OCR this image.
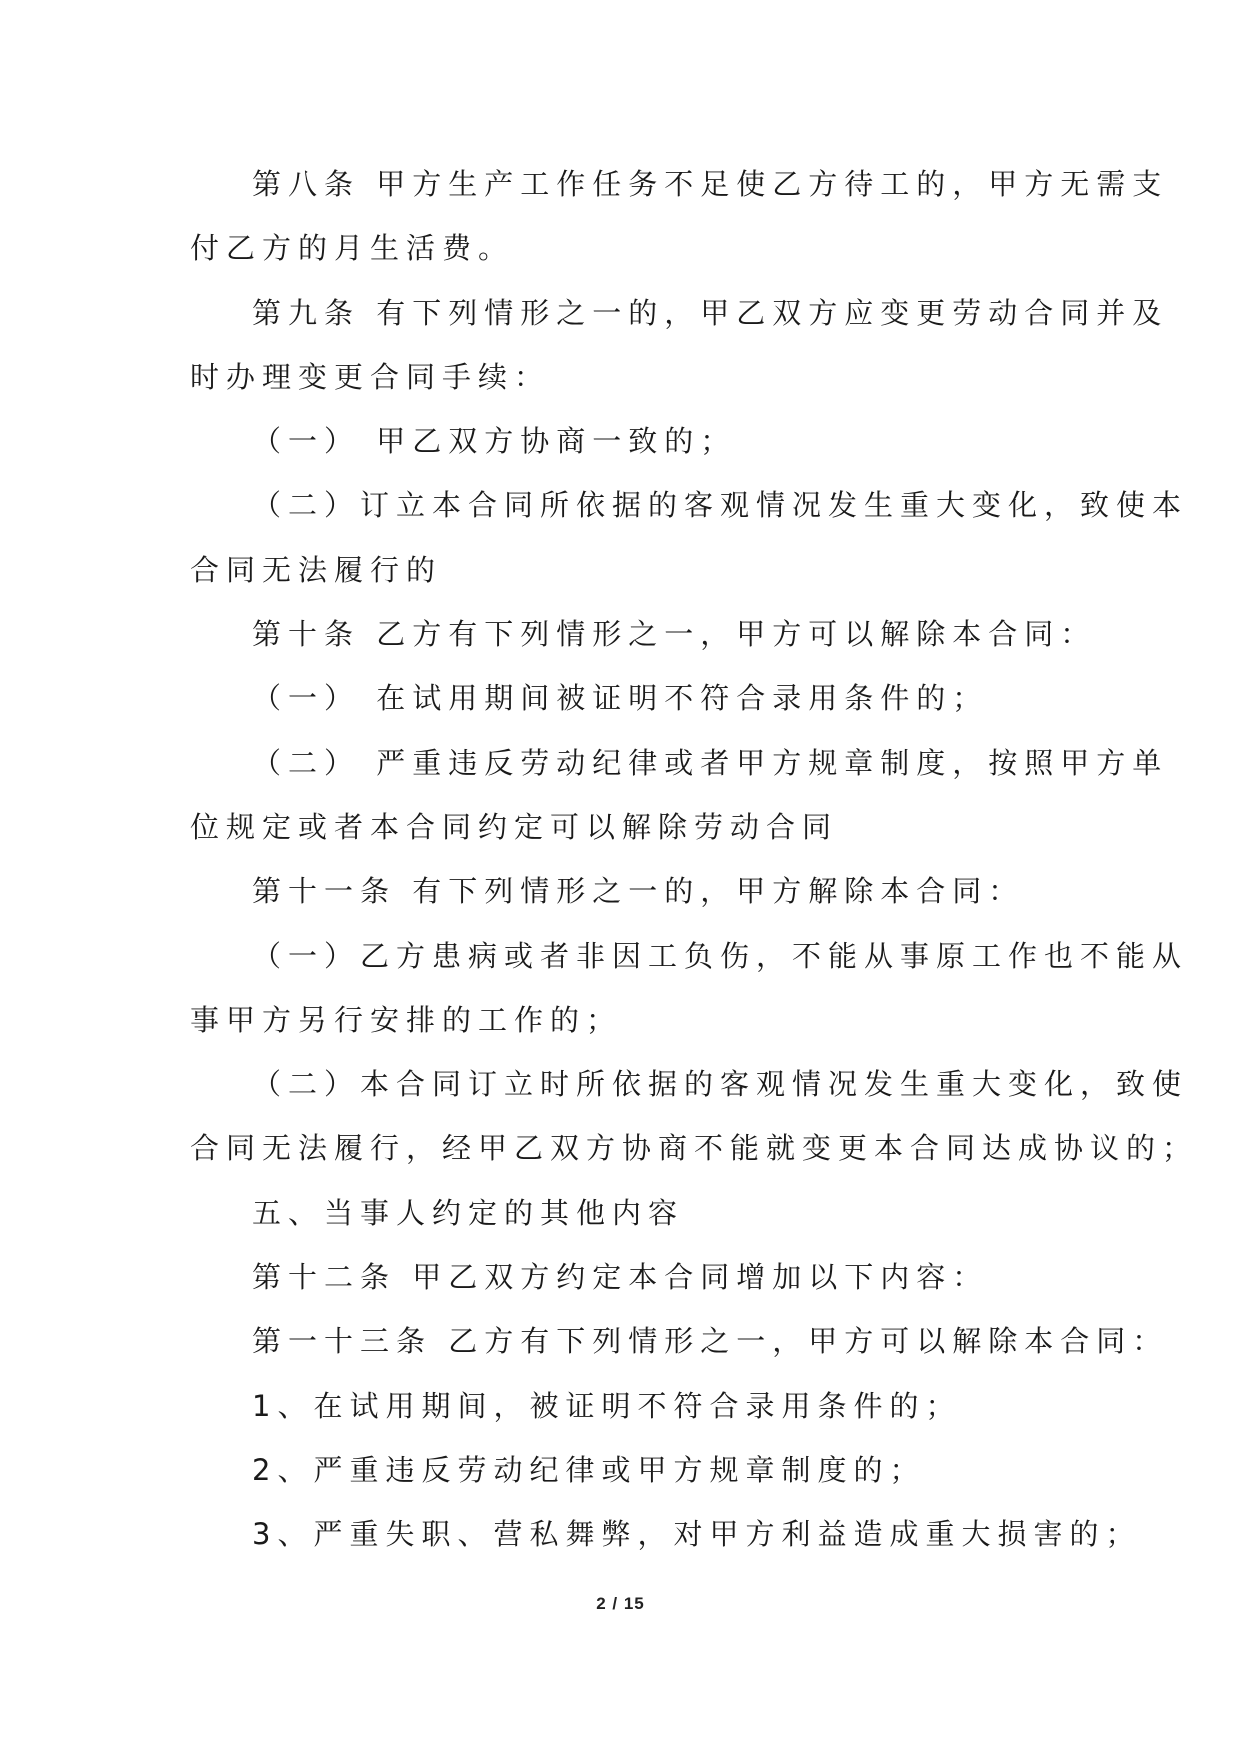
第八条 甲方生产工作任务不足使乙方待工的，甲方无需支
付乙方的月生活费。
第九条 有下列情形之一的，甲乙双方应变更劳动合同并及
时办理变更合同手续：
（一） 甲乙双方协商一致的；
（二）订立本合同所依据的客观情况发生重大变化，致使本
合同无法履行的
第十条 乙方有下列情形之一，甲方可以解除本合同：
（一） 在试用期间被证明不符合录用条件的；
（二） 严重违反劳动纪律或者甲方规章制度，按照甲方单
位规定或者本合同约定可以解除劳动合同
第十一条 有下列情形之一的，甲方解除本合同：
（一）乙方患病或者非因工负伤，不能从事原工作也不能从
事甲方另行安排的工作的；
（二）本合同订立时所依据的客观情况发生重大变化，致使
合同无法履行，经甲乙双方协商不能就变更本合同达成协议的；
五、当事人约定的其他内容
第十二条 甲乙双方约定本合同增加以下内容：
第一十三条 乙方有下列情形之一，甲方可以解除本合同：
1、在试用期间，被证明不符合录用条件的；
2、严重违反劳动纪律或甲方规章制度的；
3、严重失职、营私舞弊，对甲方利益造成重大损害的；
2 / 15
